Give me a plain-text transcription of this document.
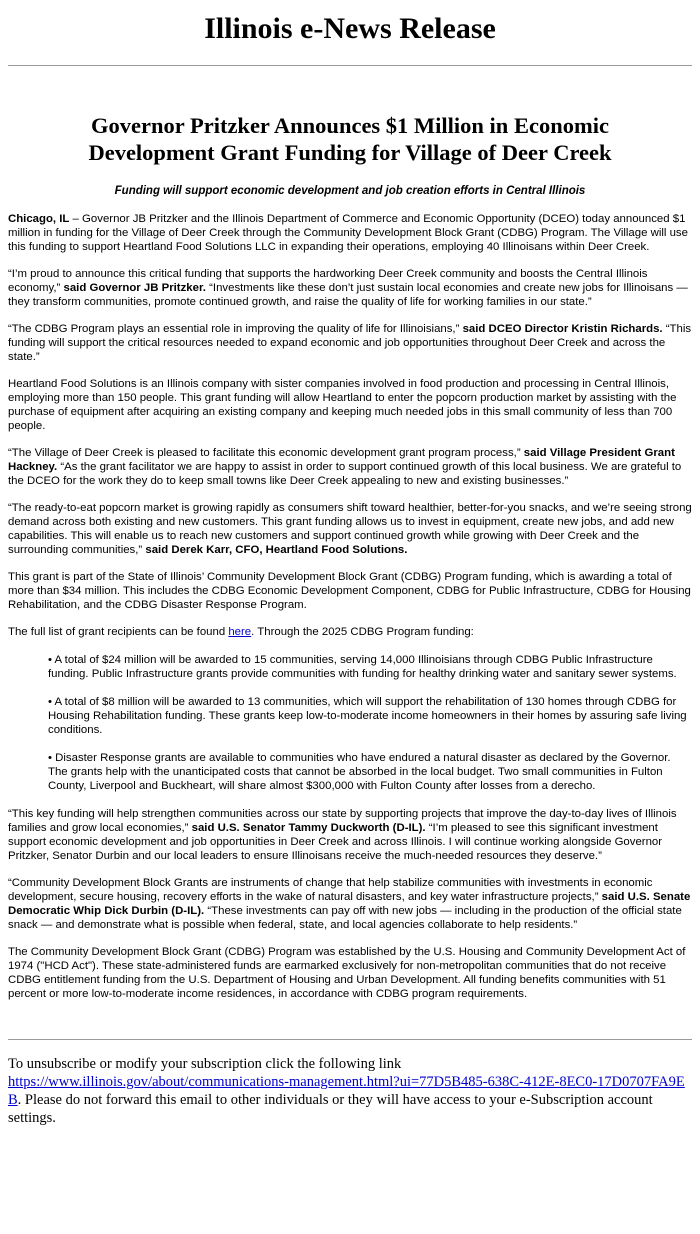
Illinois e-News Release
Governor Pritzker Announces $1 Million in Economic Development Grant Funding for Village of Deer Creek
Funding will support economic development and job creation efforts in Central Illinois

Chicago, IL – Governor JB Pritzker and the Illinois Department of Commerce and Economic Opportunity (DCEO) today announced $1 million in funding for the Village of Deer Creek through the Community Development Block Grant (CDBG) Program. The Village will use this funding to support Heartland Food Solutions LLC in expanding their operations, employing 40 Illinoisans within Deer Creek.

“I’m proud to announce this critical funding that supports the hardworking Deer Creek community and boosts the Central Illinois economy,” said Governor JB Pritzker. “Investments like these don’t just sustain local economies and create new jobs for Illinoisans — they transform communities, promote continued growth, and raise the quality of life for working families in our state.”

“The CDBG Program plays an essential role in improving the quality of life for Illinoisians,” said DCEO Director Kristin Richards. “This funding will support the critical resources needed to expand economic and job opportunities throughout Deer Creek and across the state.”

Heartland Food Solutions is an Illinois company with sister companies involved in food production and processing in Central Illinois, employing more than 150 people. This grant funding will allow Heartland to enter the popcorn production market by assisting with the purchase of equipment after acquiring an existing company and keeping much needed jobs in this small community of less than 700 people.

“The Village of Deer Creek is pleased to facilitate this economic development grant program process,” said Village President Grant Hackney. “As the grant facilitator we are happy to assist in order to support continued growth of this local business. We are grateful to the DCEO for the work they do to keep small towns like Deer Creek appealing to new and existing businesses.”

“The ready-to-eat popcorn market is growing rapidly as consumers shift toward healthier, better-for-you snacks, and we’re seeing strong demand across both existing and new customers. This grant funding allows us to invest in equipment, create new jobs, and add new capabilities. This will enable us to reach new customers and support continued growth while growing with Deer Creek and the surrounding communities,” said Derek Karr, CFO, Heartland Food Solutions.

This grant is part of the State of Illinois’ Community Development Block Grant (CDBG) Program funding, which is awarding a total of more than $34 million. This includes the CDBG Economic Development Component, CDBG for Public Infrastructure, CDBG for Housing Rehabilitation, and the CDBG Disaster Response Program.

The full list of grant recipients can be found here. Through the 2025 CDBG Program funding:

• A total of $24 million will be awarded to 15 communities, serving 14,000 Illinoisians through CDBG Public Infrastructure funding. Public Infrastructure grants provide communities with funding for healthy drinking water and sanitary sewer systems.
• A total of $8 million will be awarded to 13 communities, which will support the rehabilitation of 130 homes through CDBG for Housing Rehabilitation funding. These grants keep low-to-moderate income homeowners in their homes by assuring safe living conditions.
• Disaster Response grants are available to communities who have endured a natural disaster as declared by the Governor. The grants help with the unanticipated costs that cannot be absorbed in the local budget. Two small communities in Fulton County, Liverpool and Buckheart, will share almost $300,000 with Fulton County after losses from a derecho.

“This key funding will help strengthen communities across our state by supporting projects that improve the day-to-day lives of Illinois families and grow local economies,” said U.S. Senator Tammy Duckworth (D-IL). “I’m pleased to see this significant investment support economic development and job opportunities in Deer Creek and across Illinois. I will continue working alongside Governor Pritzker, Senator Durbin and our local leaders to ensure Illinoisans receive the much-needed resources they deserve.”

“Community Development Block Grants are instruments of change that help stabilize communities with investments in economic development, secure housing, recovery efforts in the wake of natural disasters, and key water infrastructure projects,” said U.S. Senate Democratic Whip Dick Durbin (D-IL). “These investments can pay off with new jobs — including in the production of the official state snack — and demonstrate what is possible when federal, state, and local agencies collaborate to help residents.”

The Community Development Block Grant (CDBG) Program was established by the U.S. Housing and Community Development Act of 1974 ("HCD Act"). These state-administered funds are earmarked exclusively for non-metropolitan communities that do not receive CDBG entitlement funding from the U.S. Department of Housing and Urban Development. All funding benefits communities with 51 percent or more low-to-moderate income residences, in accordance with CDBG program requirements.

To unsubscribe or modify your subscription click the following link
https://www.illinois.gov/about/communications-management.html?ui=77D5B485-638C-412E-8EC0-17D0707FA9EB. Please do not forward this email to other individuals or they will have access to your e-Subscription account settings.
